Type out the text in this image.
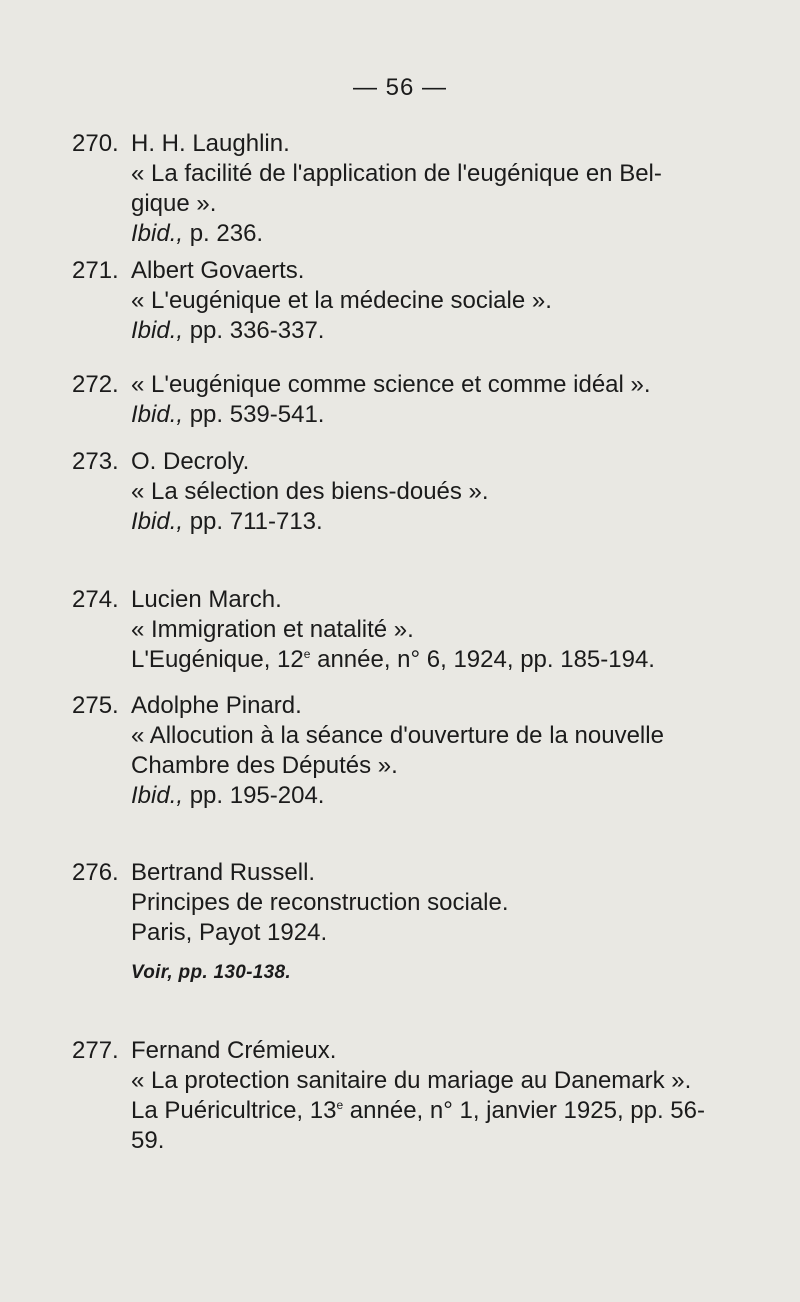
— 56 —
270. H. H. Laughlin.
« La facilité de l'application de l'eugénique en Bel-
gique ».
Ibid., p. 236.
271. Albert Govaerts.
« L'eugénique et la médecine sociale ».
Ibid., pp. 336-337.
272. « L'eugénique comme science et comme idéal ».
Ibid., pp. 539-541.
273. O. Decroly.
« La sélection des biens-doués ».
Ibid., pp. 711-713.
274. Lucien March.
« Immigration et natalité ».
L'Eugénique, 12e année, n° 6, 1924, pp. 185-194.
275. Adolphe Pinard.
« Allocution à la séance d'ouverture de la nouvelle
Chambre des Députés ».
Ibid., pp. 195-204.
276. Bertrand Russell.
Principes de reconstruction sociale.
Paris, Payot 1924.
Voir, pp. 130-138.
277. Fernand Crémieux.
« La protection sanitaire du mariage au Danemark ».
La Puéricultrice, 13e année, n° 1, janvier 1925, pp. 56-
59.
